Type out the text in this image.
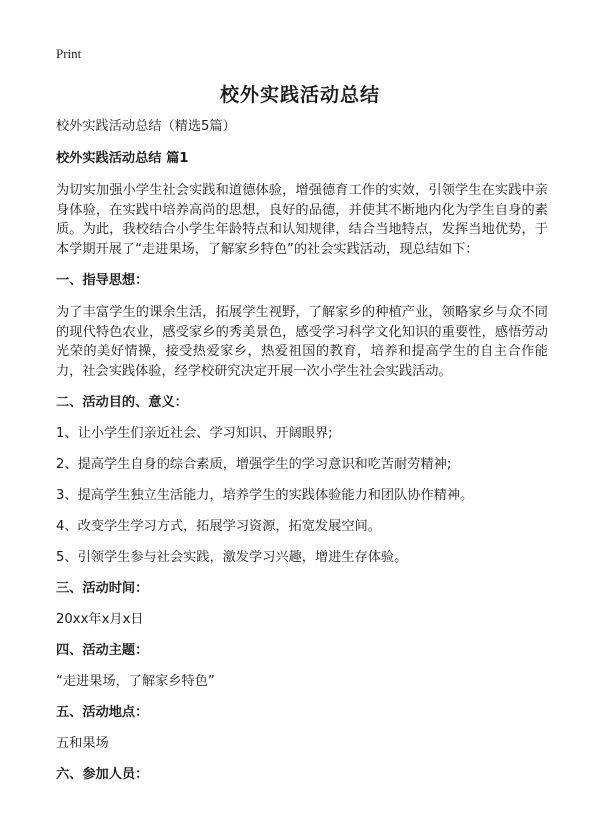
Print
校外实践活动总结
校外实践活动总结（精选5篇）
校外实践活动总结 篇1
为切实加强小学生社会实践和道德体验，增强德育工作的实效，引领学生在实践中亲身体验，在实践中培养高尚的思想，良好的品德，并使其不断地内化为学生自身的素质。为此，我校结合小学生年龄特点和认知规律，结合当地特点，发挥当地优势，于本学期开展了“走进果场，了解家乡特色”的社会实践活动，现总结如下：
一、指导思想：
为了丰富学生的课余生活，拓展学生视野，了解家乡的种植产业，领略家乡与众不同的现代特色农业，感受家乡的秀美景色，感受学习科学文化知识的重要性，感悟劳动光荣的美好情操，接受热爱家乡，热爱祖国的教育，培养和提高学生的自主合作能力，社会实践体验，经学校研究决定开展一次小学生社会实践活动。
二、活动目的、意义：
1、让小学生们亲近社会、学习知识、开阔眼界;
2、提高学生自身的综合素质，增强学生的学习意识和吃苦耐劳精神;
3、提高学生独立生活能力，培养学生的实践体验能力和团队协作精神。
4、改变学生学习方式，拓展学习资源，拓宽发展空间。
5、引领学生参与社会实践，激发学习兴趣，增进生存体验。
三、活动时间：
20xx年x月x日
四、活动主题：
“走进果场，了解家乡特色”
五、活动地点：
五和果场
六、参加人员：
